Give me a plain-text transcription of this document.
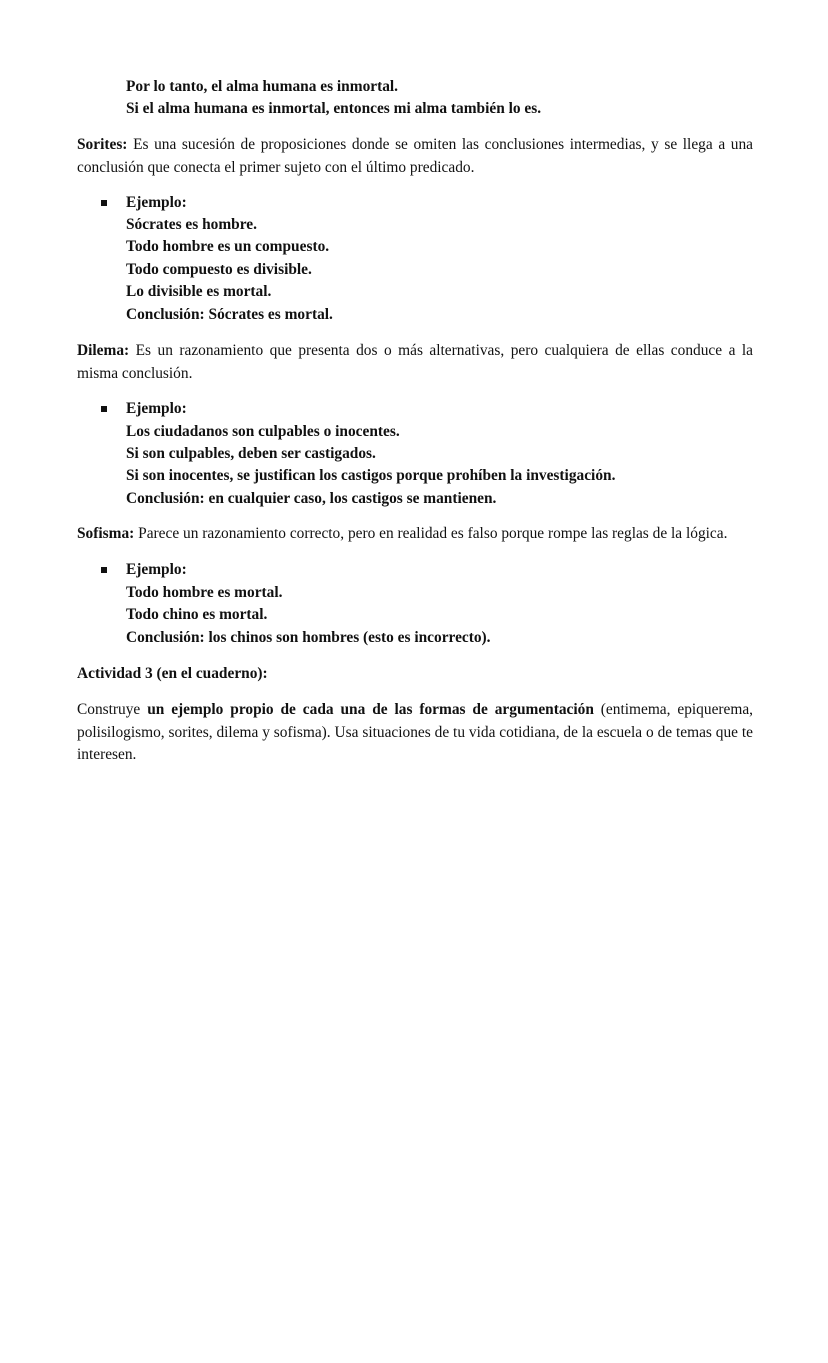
Por lo tanto, el alma humana es inmortal.
Si el alma humana es inmortal, entonces mi alma también lo es.
Sorites: Es una sucesión de proposiciones donde se omiten las conclusiones intermedias, y se llega a una conclusión que conecta el primer sujeto con el último predicado.
Ejemplo:
Sócrates es hombre.
Todo hombre es un compuesto.
Todo compuesto es divisible.
Lo divisible es mortal.
Conclusión: Sócrates es mortal.
Dilema: Es un razonamiento que presenta dos o más alternativas, pero cualquiera de ellas conduce a la misma conclusión.
Ejemplo:
Los ciudadanos son culpables o inocentes.
Si son culpables, deben ser castigados.
Si son inocentes, se justifican los castigos porque prohíben la investigación.
Conclusión: en cualquier caso, los castigos se mantienen.
Sofisma: Parece un razonamiento correcto, pero en realidad es falso porque rompe las reglas de la lógica.
Ejemplo:
Todo hombre es mortal.
Todo chino es mortal.
Conclusión: los chinos son hombres (esto es incorrecto).
Actividad 3 (en el cuaderno):
Construye un ejemplo propio de cada una de las formas de argumentación (entimema, epiquerema, polisilogismo, sorites, dilema y sofisma). Usa situaciones de tu vida cotidiana, de la escuela o de temas que te interesen.
